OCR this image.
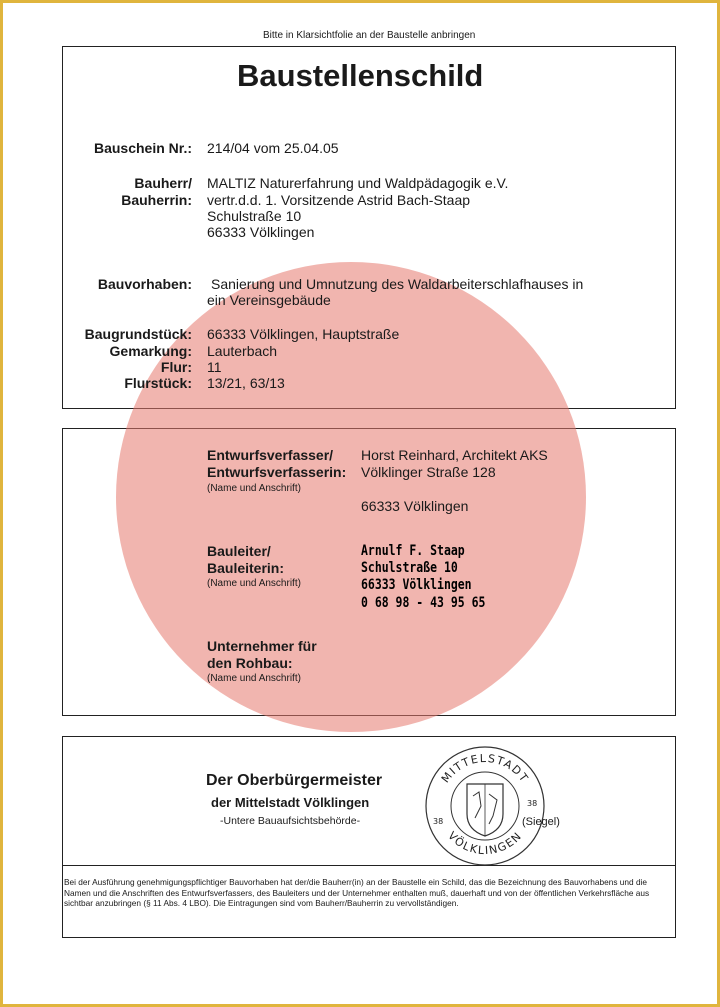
Bitte in Klarsichtfolie an der Baustelle anbringen
Baustellenschild
Bauschein Nr.: 214/04 vom 25.04.05
Bauherr/
Bauherrin:
MALTIZ Naturerfahrung und Waldpädagogik e.V.
vertr.d.d. 1. Vorsitzende Astrid Bach-Staap
Schulstraße 10
66333 Völklingen
Bauvorhaben: Sanierung und Umnutzung des Waldarbeiterschlafhauses in
ein Vereinsgebäude
Baugrundstück: 66333 Völklingen, Hauptstraße
Gemarkung: Lauterbach
Flur: 11
Flurstück: 13/21, 63/13
Entwurfsverfasser/
Entwurfsverfasserin:
(Name und Anschrift)
Horst Reinhard, Architekt AKS
Völklinger Straße 128
66333 Völklingen
Bauleiter/
Bauleiterin:
(Name und Anschrift)
Arnulf F. Staap
Schulstraße 10
66333 Völklingen
0 68 98 - 43 95 65
Unternehmer für
den Rohbau:
(Name und Anschrift)
Der Oberbürgermeister
der Mittelstadt Völklingen
-Untere Bauaufsichtsbehörde-
MITTELSTADT
VÖLKLINGEN
38
38
(Siegel)
Bei der Ausführung genehmigungspflichtiger Bauvorhaben hat der/die Bauherr(in) an der Baustelle ein Schild, das die Bezeichnung des Bauvorhabens und die Namen und die Anschriften des Entwurfsverfassers, des Bauleiters und der Unternehmer enthalten muß, dauerhaft und von der öffentlichen Verkehrsfläche aus sichtbar anzubringen (§ 11 Abs. 4 LBO). Die Eintragungen sind vom Bauherr/Bauherrin zu vervollständigen.
